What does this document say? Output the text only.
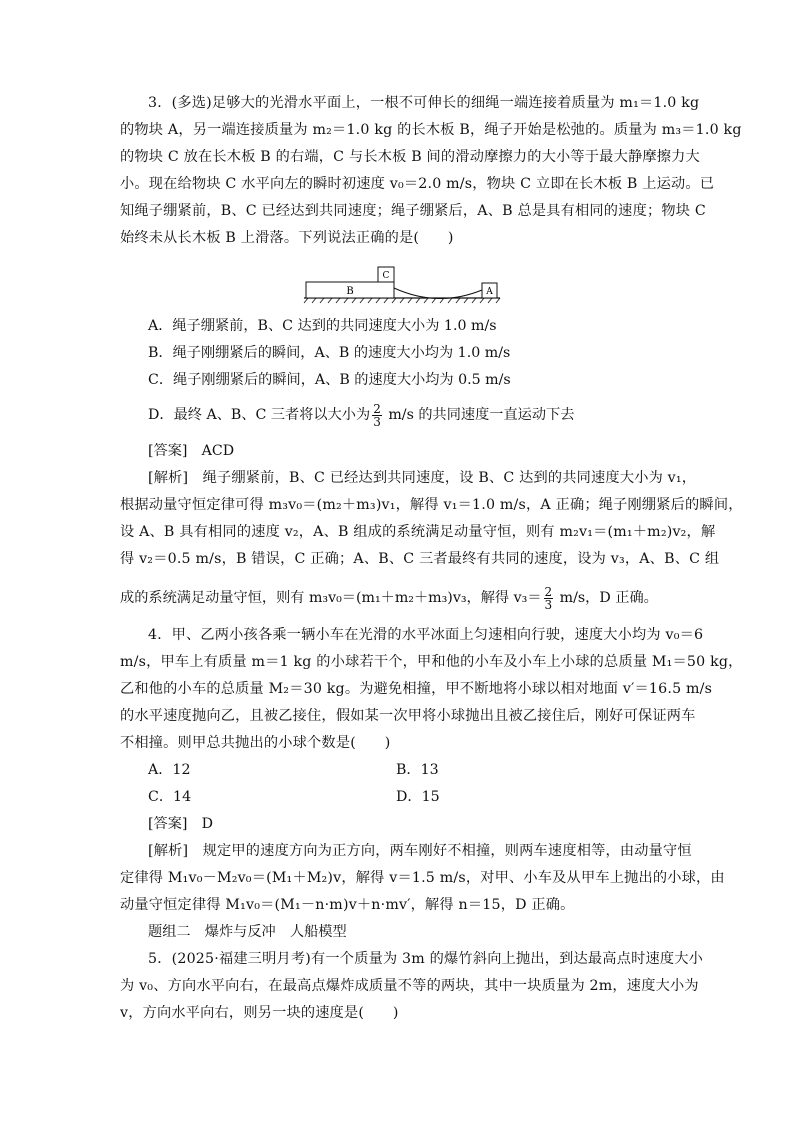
3．(多选)足够大的光滑水平面上，一根不可伸长的细绳一端连接着质量为 m₁＝1.0 kg
的物块 A，另一端连接质量为 m₂＝1.0 kg 的长木板 B，绳子开始是松弛的。质量为 m₃＝1.0 kg
的物块 C 放在长木板 B 的右端，C 与长木板 B 间的滑动摩擦力的大小等于最大静摩擦力大
小。现在给物块 C 水平向左的瞬时初速度 v₀＝2.0 m/s，物块 C 立即在长木板 B 上运动。已
知绳子绷紧前，B、C 已经达到共同速度；绳子绷紧后，A、B 总是具有相同的速度；物块 C
始终未从长木板 B 上滑落。下列说法正确的是(　　)
B
C
A
A．绳子绷紧前，B、C 达到的共同速度大小为 1.0 m/s
B．绳子刚绷紧后的瞬间，A、B 的速度大小均为 1.0 m/s
C．绳子刚绷紧后的瞬间，A、B 的速度大小均为 0.5 m/s
D．最终 A、B、C 三者将以大小为 $\frac{2}{3} m/s$ 的共同速度一直运动下去
[答案]　ACD
[解析]　绳子绷紧前，B、C 已经达到共同速度，设 B、C 达到的共同速度大小为 v₁，
根据动量守恒定律可得 m₃v₀＝(m₂＋m₃)v₁，解得 v₁＝1.0 m/s，A 正确；绳子刚绷紧后的瞬间，
设 A、B 具有相同的速度 v₂，A、B 组成的系统满足动量守恒，则有 m₂v₁＝(m₁＋m₂)v₂，解
得 v₂＝0.5 m/s，B 错误，C 正确；A、B、C 三者最终有共同的速度，设为 v₃，A、B、C 组
成的系统满足动量守恒，则有 m₃v₀＝(m₁＋m₂＋m₃)v₃，解得 $v_3= \frac{2}{3} m/s$，D 正确。
4．甲、乙两小孩各乘一辆小车在光滑的水平冰面上匀速相向行驶，速度大小均为 v₀＝6
m/s，甲车上有质量 m＝1 kg 的小球若干个，甲和他的小车及小车上小球的总质量 M₁＝50 kg，
乙和他的小车的总质量 M₂＝30 kg。为避免相撞，甲不断地将小球以相对地面 v′＝16.5 m/s
的水平速度抛向乙，且被乙接住，假如某一次甲将小球抛出且被乙接住后，刚好可保证两车
不相撞。则甲总共抛出的小球个数是(　　)
A．12	B．13
C．14	D．15
[答案]　D
[解析]　规定甲的速度方向为正方向，两车刚好不相撞，则两车速度相等，由动量守恒
定律得 M₁v₀－M₂v₀＝(M₁＋M₂)v，解得 v＝1.5 m/s，对甲、小车及从甲车上抛出的小球，由
动量守恒定律得 M₁v₀＝(M₁－n·m)v＋n·mv′，解得 n＝15，D 正确。
题组二　爆炸与反冲　人船模型
5．(2025·福建三明月考)有一个质量为 3m 的爆竹斜向上抛出，到达最高点时速度大小
为 v₀、方向水平向右，在最高点爆炸成质量不等的两块，其中一块质量为 2m，速度大小为
v，方向水平向右，则另一块的速度是(　　)
